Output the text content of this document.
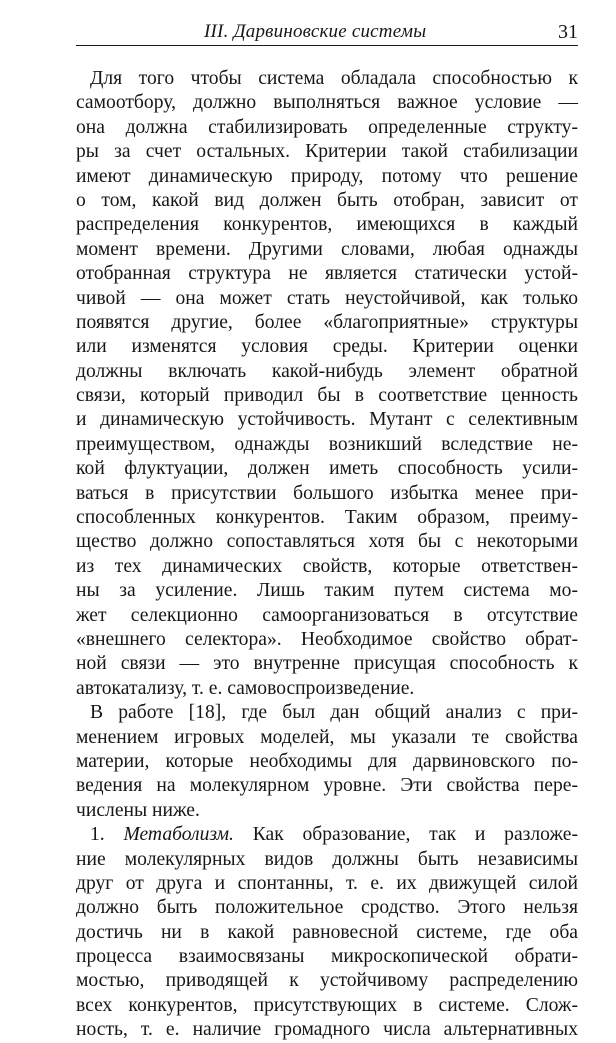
III. Дарвиновские системы	31
Для того чтобы система обладала способностью к
самоотбору, должно выполняться важное условие —
она должна стабилизировать определенные структу-
ры за счет остальных. Критерии такой стабилизации
имеют динамическую природу, потому что решение
о том, какой вид должен быть отобран, зависит от
распределения конкурентов, имеющихся в каждый
момент времени. Другими словами, любая однажды
отобранная структура не является статически устой-
чивой — она может стать неустойчивой, как только
появятся другие, более «благоприятные» структуры
или изменятся условия среды. Критерии оценки
должны включать какой-нибудь элемент обратной
связи, который приводил бы в соответствие ценность
и динамическую устойчивость. Мутант с селективным
преимуществом, однажды возникший вследствие не-
кой флуктуации, должен иметь способность усили-
ваться в присутствии большого избытка менее при-
способленных конкурентов. Таким образом, преиму-
щество должно сопоставляться хотя бы с некоторыми
из тех динамических свойств, которые ответствен-
ны за усиление. Лишь таким путем система мо-
жет селекционно самоорганизоваться в отсутствие
«внешнего селектора». Необходимое свойство обрат-
ной связи — это внутренне присущая способность к
автокатализу, т. е. самовоспроизведение.
В работе [18], где был дан общий анализ с при-
менением игровых моделей, мы указали те свойства
материи, которые необходимы для дарвиновского по-
ведения на молекулярном уровне. Эти свойства пере-
числены ниже.
1. Метаболизм. Как образование, так и разложе-
ние молекулярных видов должны быть независимы
друг от друга и спонтанны, т. е. их движущей силой
должно быть положительное сродство. Этого нельзя
достичь ни в какой равновесной системе, где оба
процесса взаимосвязаны микроскопической обрати-
мостью, приводящей к устойчивому распределению
всех конкурентов, присутствующих в системе. Слож-
ность, т. е. наличие громадного числа альтернативных
